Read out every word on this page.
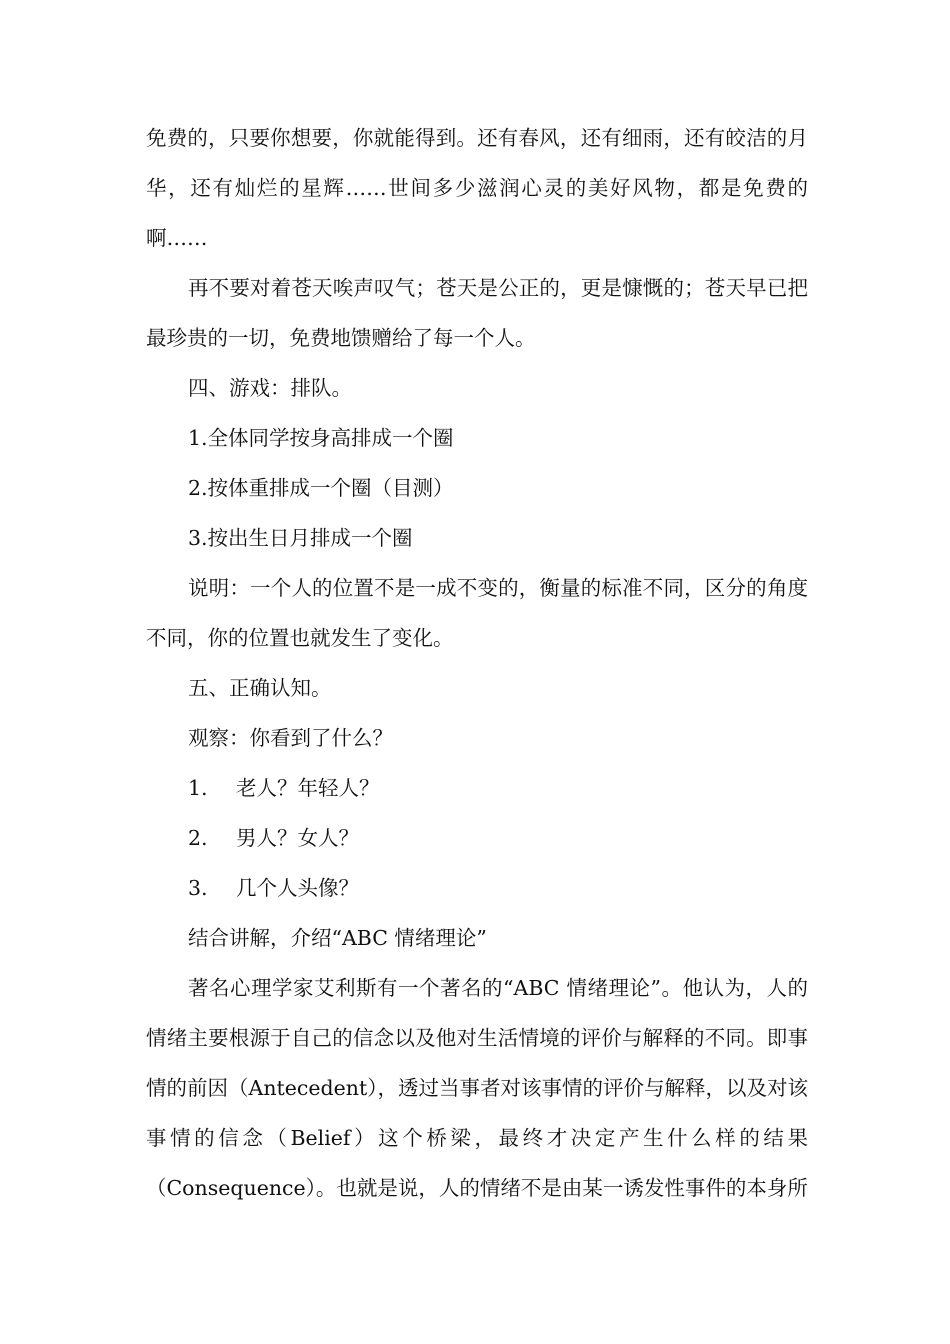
免费的，只要你想要，你就能得到。还有春风，还有细雨，还有皎洁的月华，还有灿烂的星辉……世间多少滋润心灵的美好风物，都是免费的啊……

再不要对着苍天唉声叹气；苍天是公正的，更是慷慨的；苍天早已把最珍贵的一切，免费地馈赠给了每一个人。

四、游戏：排队。

1.全体同学按身高排成一个圈

2.按体重排成一个圈（目测）

3.按出生日月排成一个圈

说明：一个人的位置不是一成不变的，衡量的标准不同，区分的角度不同，你的位置也就发生了变化。

五、正确认知。

观察：你看到了什么？

1. 老人？年轻人？
2. 男人？女人？
3. 几个人头像？

结合讲解，介绍“ABC 情绪理论”

著名心理学家艾利斯有一个著名的“ABC 情绪理论”。他认为，人的情绪主要根源于自己的信念以及他对生活情境的评价与解释的不同。即事情的前因（Antecedent），透过当事者对该事情的评价与解释，以及对该事情的信念（Belief）这个桥梁，最终才决定产生什么样的结果（Consequence）。也就是说，人的情绪不是由某一诱发性事件的本身所
